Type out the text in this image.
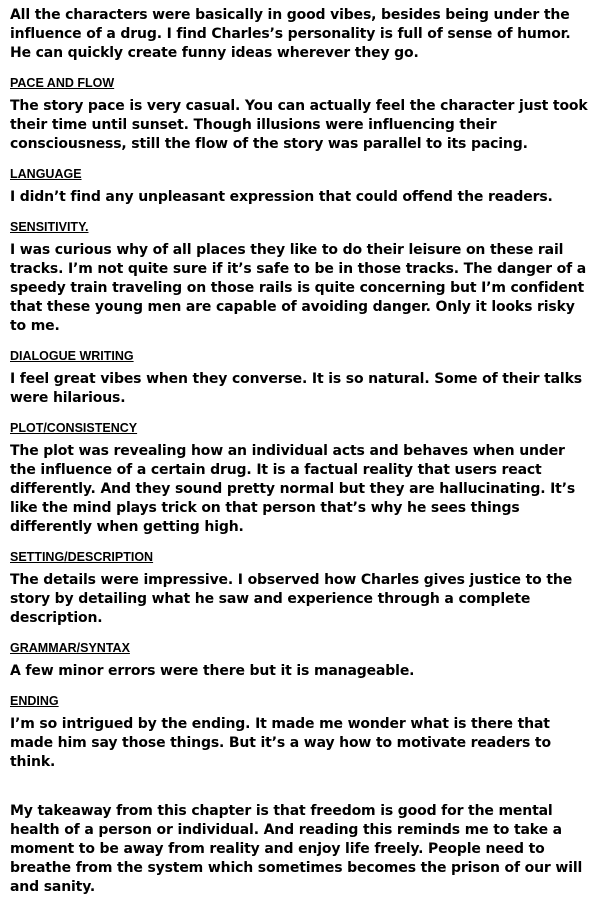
All the characters were basically in good vibes, besides being under the influence of a drug. I find Charles’s personality is full of sense of humor. He can quickly create funny ideas wherever they go.

PACE AND FLOW

The story pace is very casual. You can actually feel the character just took their time until sunset. Though illusions were influencing their consciousness, still the flow of the story was parallel to its pacing.

LANGUAGE

I didn’t find any unpleasant expression that could offend the readers.

SENSITIVITY.

I was curious why of all places they like to do their leisure on these rail tracks. I’m not quite sure if it’s safe to be in those tracks. The danger of a speedy train traveling on those rails is quite concerning but I’m confident that these young men are capable of avoiding danger. Only it looks risky to me.

DIALOGUE WRITING

I feel great vibes when they converse. It is so natural. Some of their talks were hilarious.

PLOT/CONSISTENCY

The plot was revealing how an individual acts and behaves when under the influence of a certain drug. It is a factual reality that users react differently. And they sound pretty normal but they are hallucinating. It’s like the mind plays trick on that person that’s why he sees things differently when getting high.

SETTING/DESCRIPTION

The details were impressive. I observed how Charles gives justice to the story by detailing what he saw and experience through a complete description.

GRAMMAR/SYNTAX

A few minor errors were there but it is manageable.

ENDING

I’m so intrigued by the ending. It made me wonder what is there that made him say those things. But it’s a way how to motivate readers to think.

My takeaway from this chapter is that freedom is good for the mental health of a person or individual. And reading this reminds me to take a moment to be away from reality and enjoy life freely. People need to breathe from the system which sometimes becomes the prison of our will and sanity.
